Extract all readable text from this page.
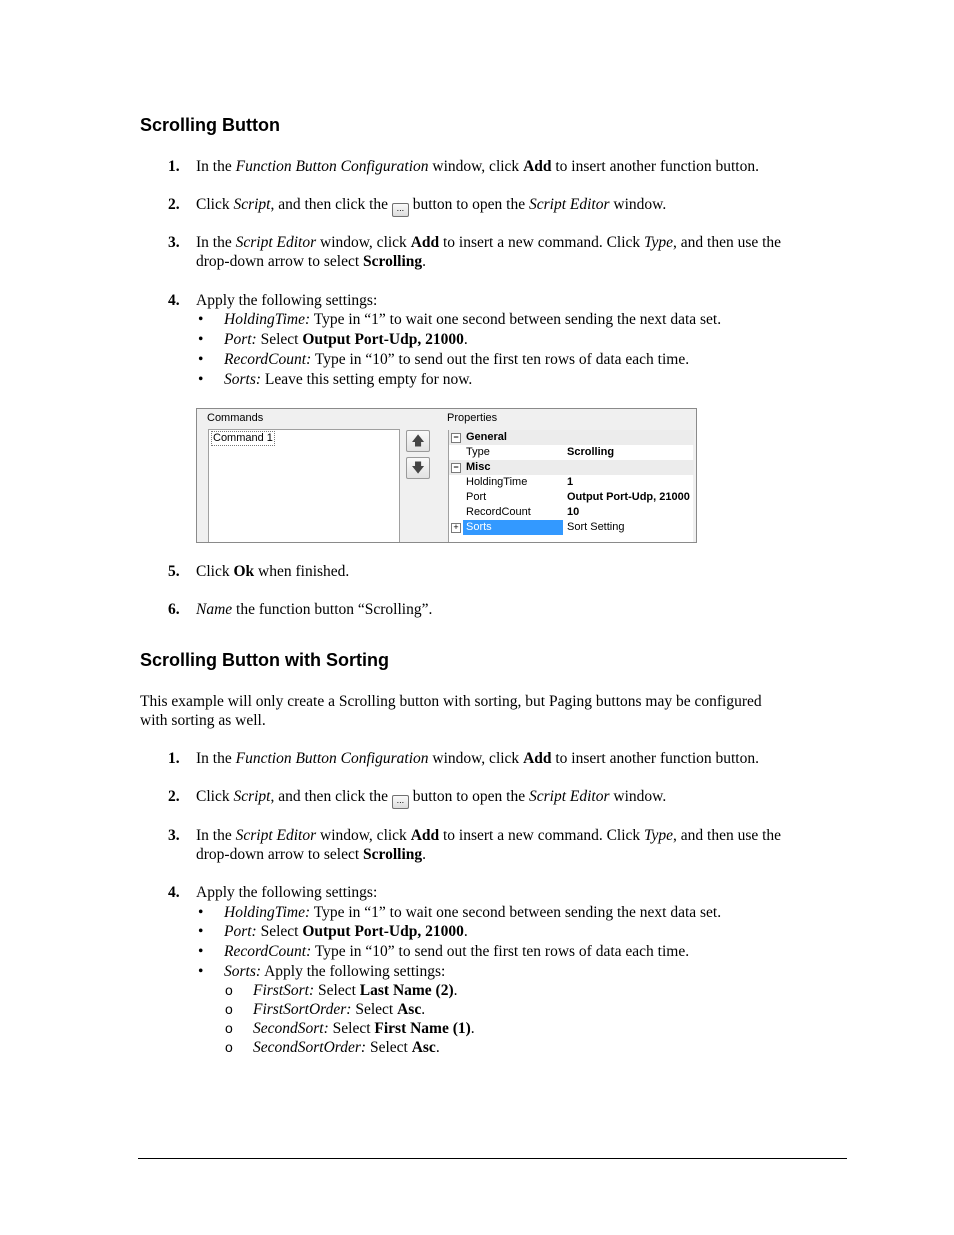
Scrolling Button
1. In the Function Button Configuration window, click Add to insert another function button.
2. Click Script, and then click the ... button to open the Script Editor window.
3. In the Script Editor window, click Add to insert a new command. Click Type, and then use the
drop-down arrow to select Scrolling.
4. Apply the following settings:
• HoldingTime: Type in “1” to wait one second between sending the next data set.
• Port: Select Output Port-Udp, 21000.
• RecordCount: Type in “10” to send out the first ten rows of data each time.
• Sorts: Leave this setting empty for now.
Commands	Properties
Command 1	🡅
🡇
− General
Type	Scrolling
− Misc
HoldingTime	1
Port	Output Port-Udp, 21000
RecordCount	10
+ Sorts	Sort Setting
5. Click Ok when finished.
6. Name the function button “Scrolling”.
Scrolling Button with Sorting
This example will only create a Scrolling button with sorting, but Paging buttons may be configured
with sorting as well.
1. In the Function Button Configuration window, click Add to insert another function button.
2. Click Script, and then click the ... button to open the Script Editor window.
3. In the Script Editor window, click Add to insert a new command. Click Type, and then use the
drop-down arrow to select Scrolling.
4. Apply the following settings:
• HoldingTime: Type in “1” to wait one second between sending the next data set.
• Port: Select Output Port-Udp, 21000.
• RecordCount: Type in “10” to send out the first ten rows of data each time.
• Sorts: Apply the following settings:
o FirstSort: Select Last Name (2).
o FirstSortOrder: Select Asc.
o SecondSort: Select First Name (1).
o SecondSortOrder: Select Asc.
